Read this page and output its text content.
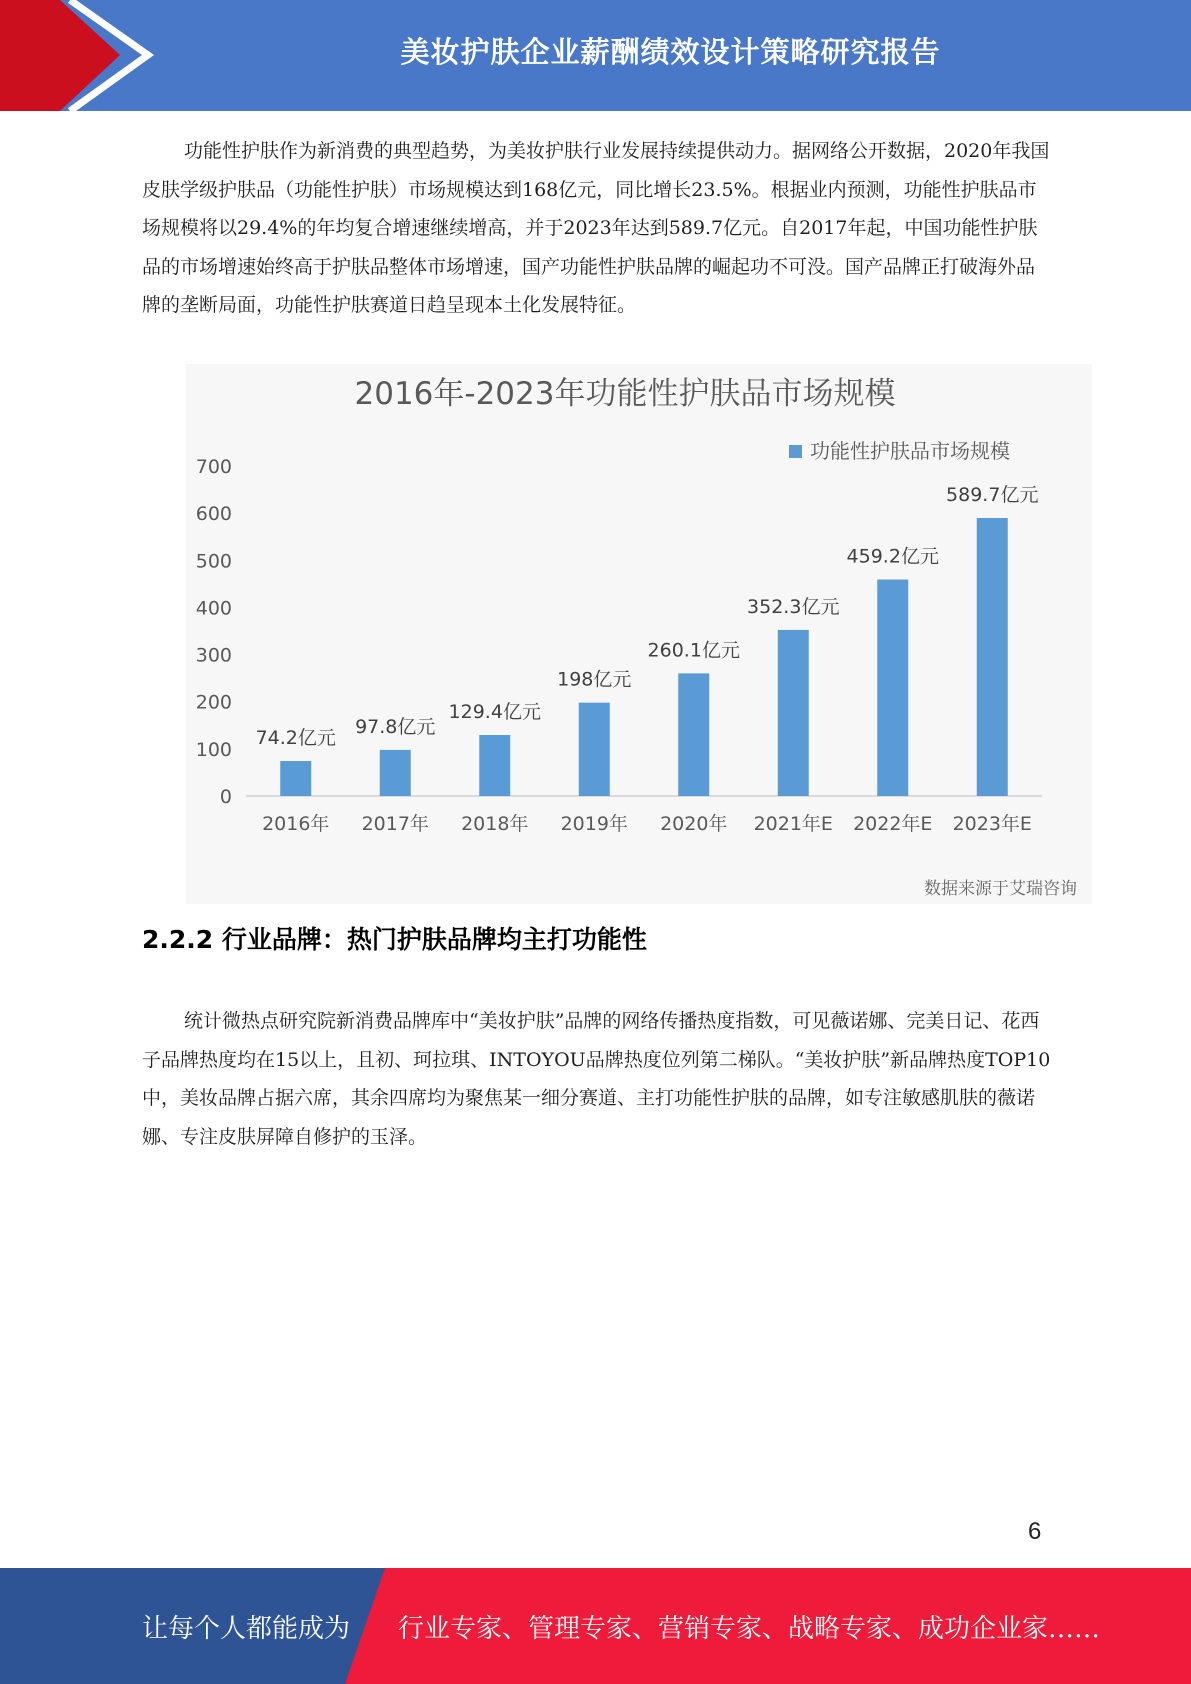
美妆护肤企业薪酬绩效设计策略研究报告

功能性护肤作为新消费的典型趋势，为美妆护肤行业发展持续提供动力。据网络公开数据，2020年我国皮肤学级护肤品（功能性护肤）市场规模达到168亿元，同比增长23.5%。根据业内预测，功能性护肤品市场规模将以29.4%的年均复合增速继续增高，并于2023年达到589.7亿元。自2017年起，中国功能性护肤品的市场增速始终高于护肤品整体市场增速，国产功能性护肤品牌的崛起功不可没。国产品牌正打破海外品牌的垄断局面，功能性护肤赛道日趋呈现本土化发展特征。

2016年-2023年功能性护肤品市场规模
功能性护肤品市场规模
0
100
200
300
400
500
600
700
74.2亿元
2016年
97.8亿元
2017年
129.4亿元
2018年
198亿元
2019年
260.1亿元
2020年
352.3亿元
2021年E
459.2亿元
2022年E
589.7亿元
2023年E
数据来源于艾瑞咨询
2.2.2 行业品牌：热门护肤品牌均主打功能性

统计微热点研究院新消费品牌库中“美妆护肤”品牌的网络传播热度指数，可见薇诺娜、完美日记、花西子品牌热度均在15以上，且初、珂拉琪、INTOYOU品牌热度位列第二梯队。“美妆护肤”新品牌热度TOP10中，美妆品牌占据六席，其余四席均为聚焦某一细分赛道、主打功能性护肤的品牌，如专注敏感肌肤的薇诺娜、专注皮肤屏障自修护的玉泽。

6
让每个人都能成为 行业专家、管理专家、营销专家、战略专家、成功企业家……
